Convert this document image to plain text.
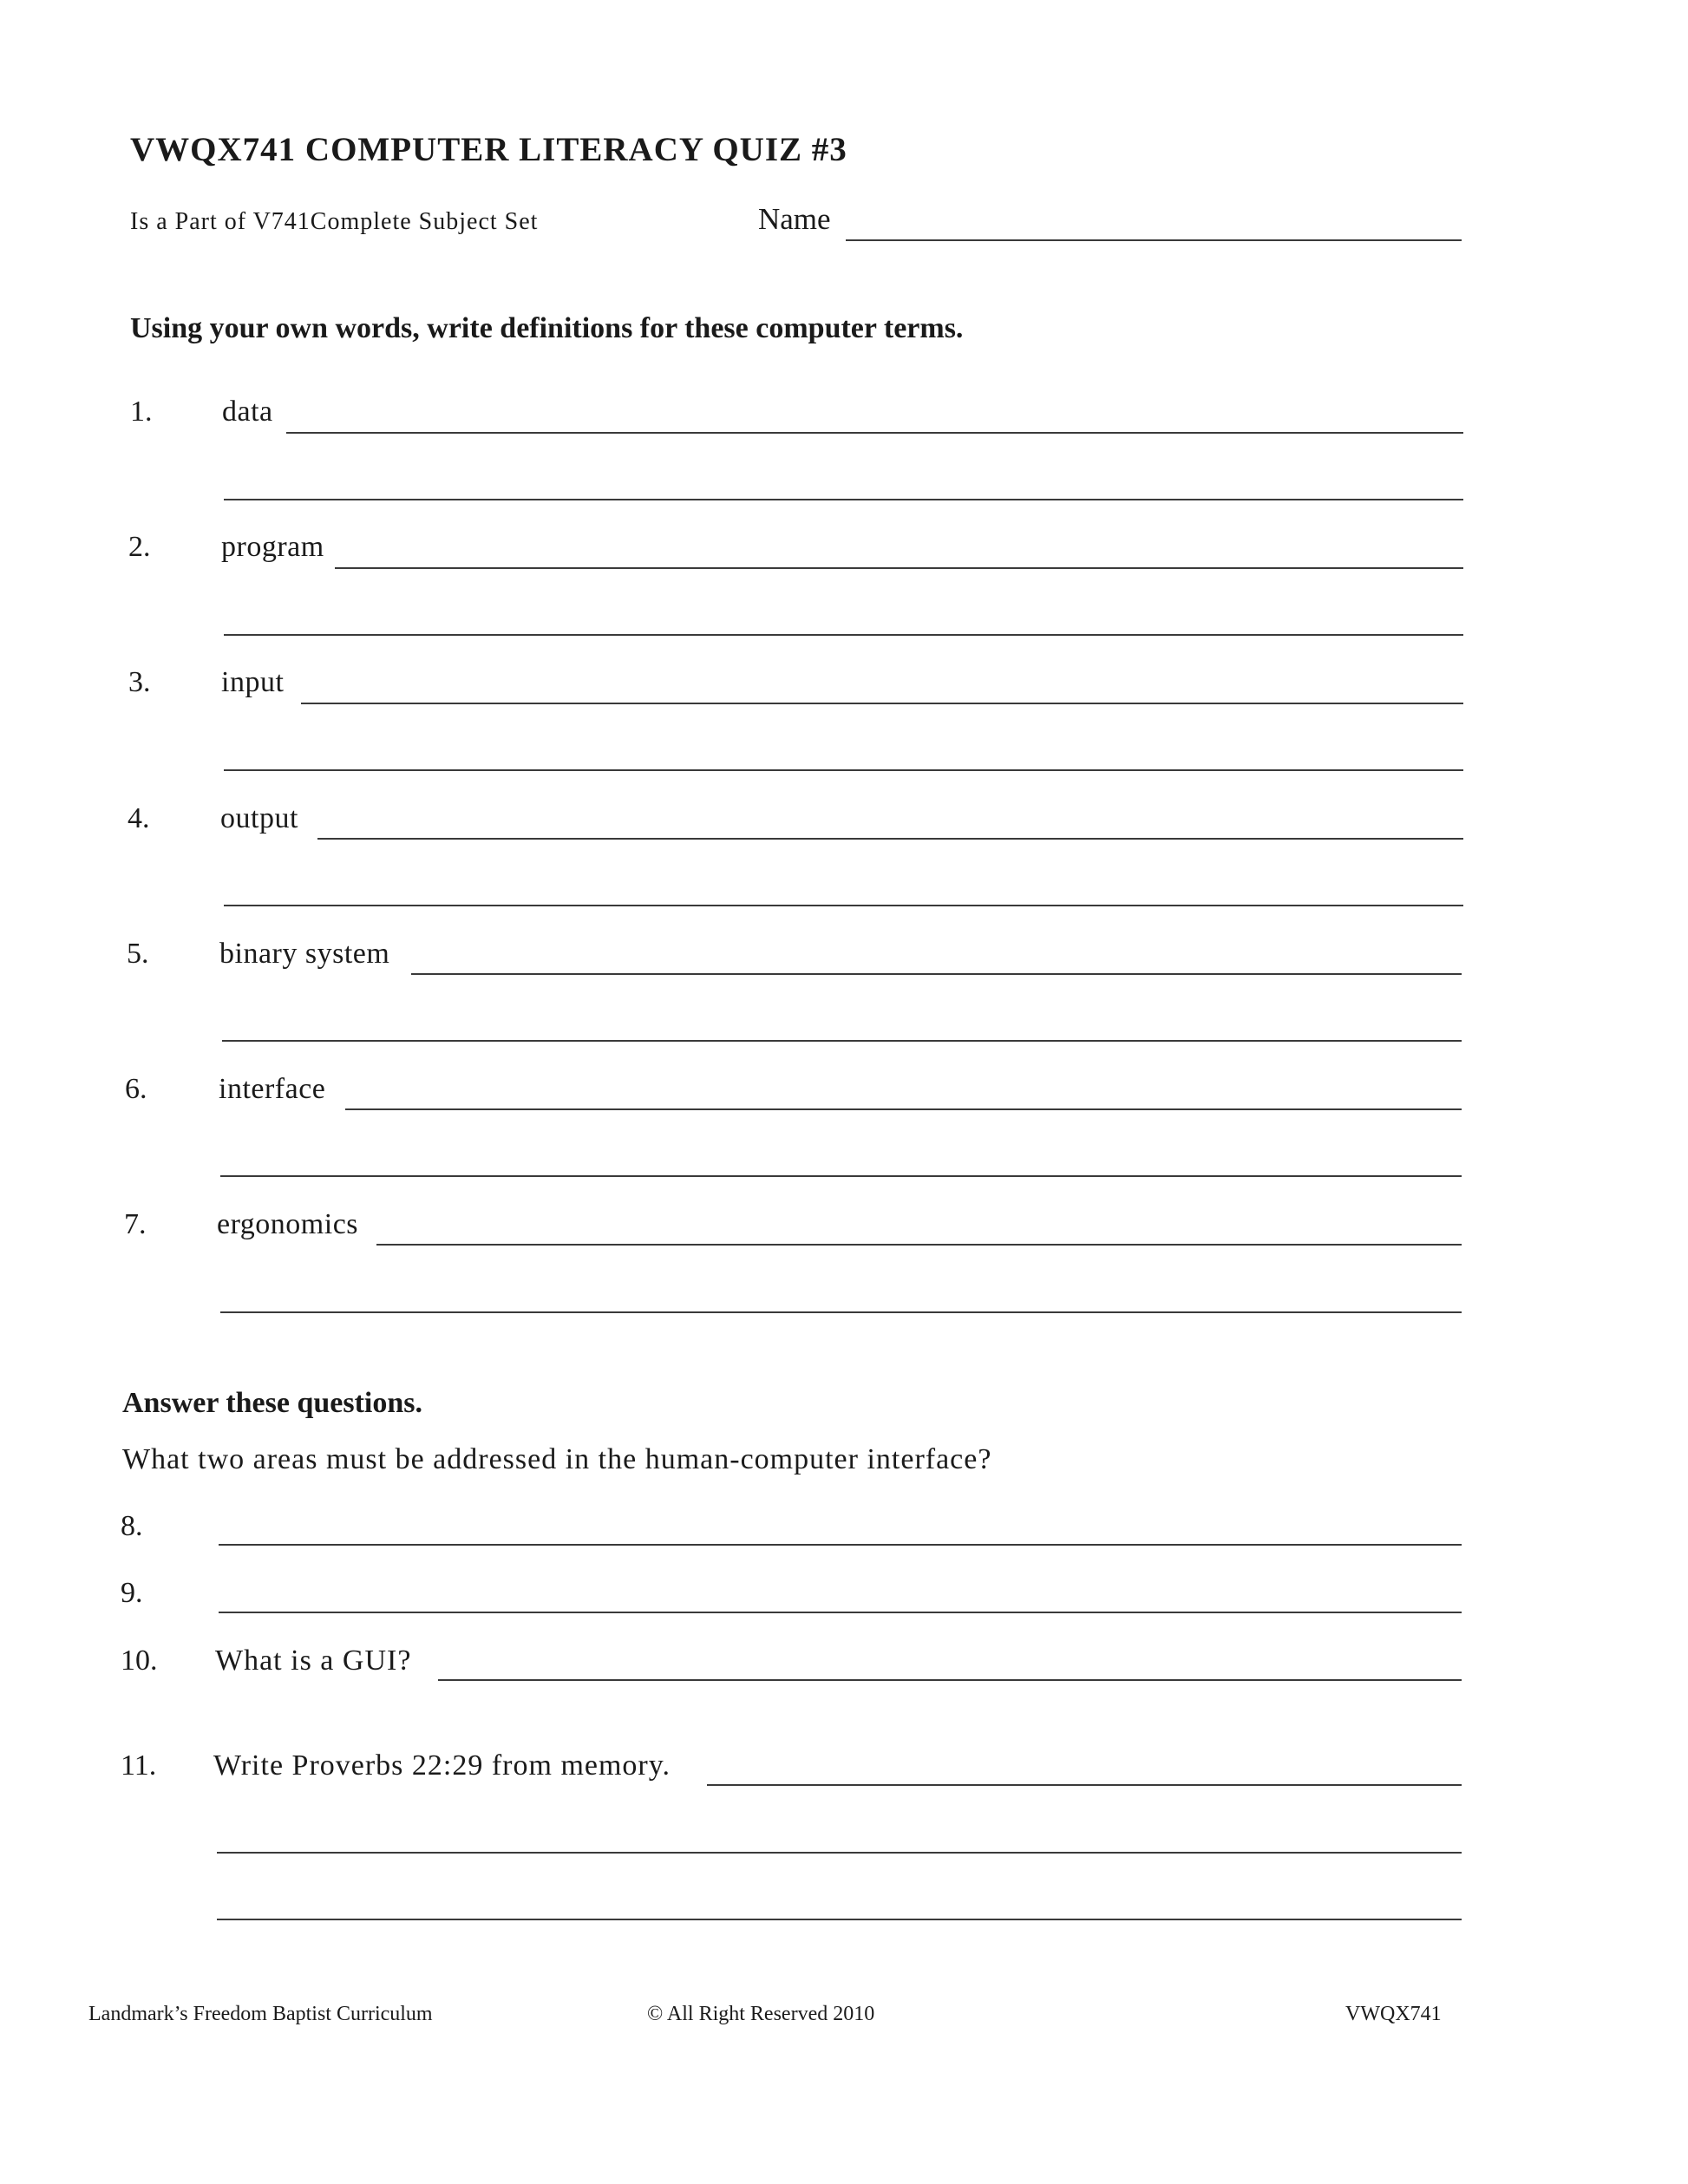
VWQX741 COMPUTER LITERACY QUIZ #3
Is a Part of V741Complete Subject Set	Name
Using your own words, write definitions for these computer terms.
1. data
2. program
3. input
4. output
5. binary system
6. interface
7. ergonomics
Answer these questions.
What two areas must be addressed in the human-computer interface?
8.
9.
10. What is a GUI?
11. Write Proverbs 22:29 from memory.
Landmark’s Freedom Baptist Curriculum	© All Right Reserved 2010	VWQX741
